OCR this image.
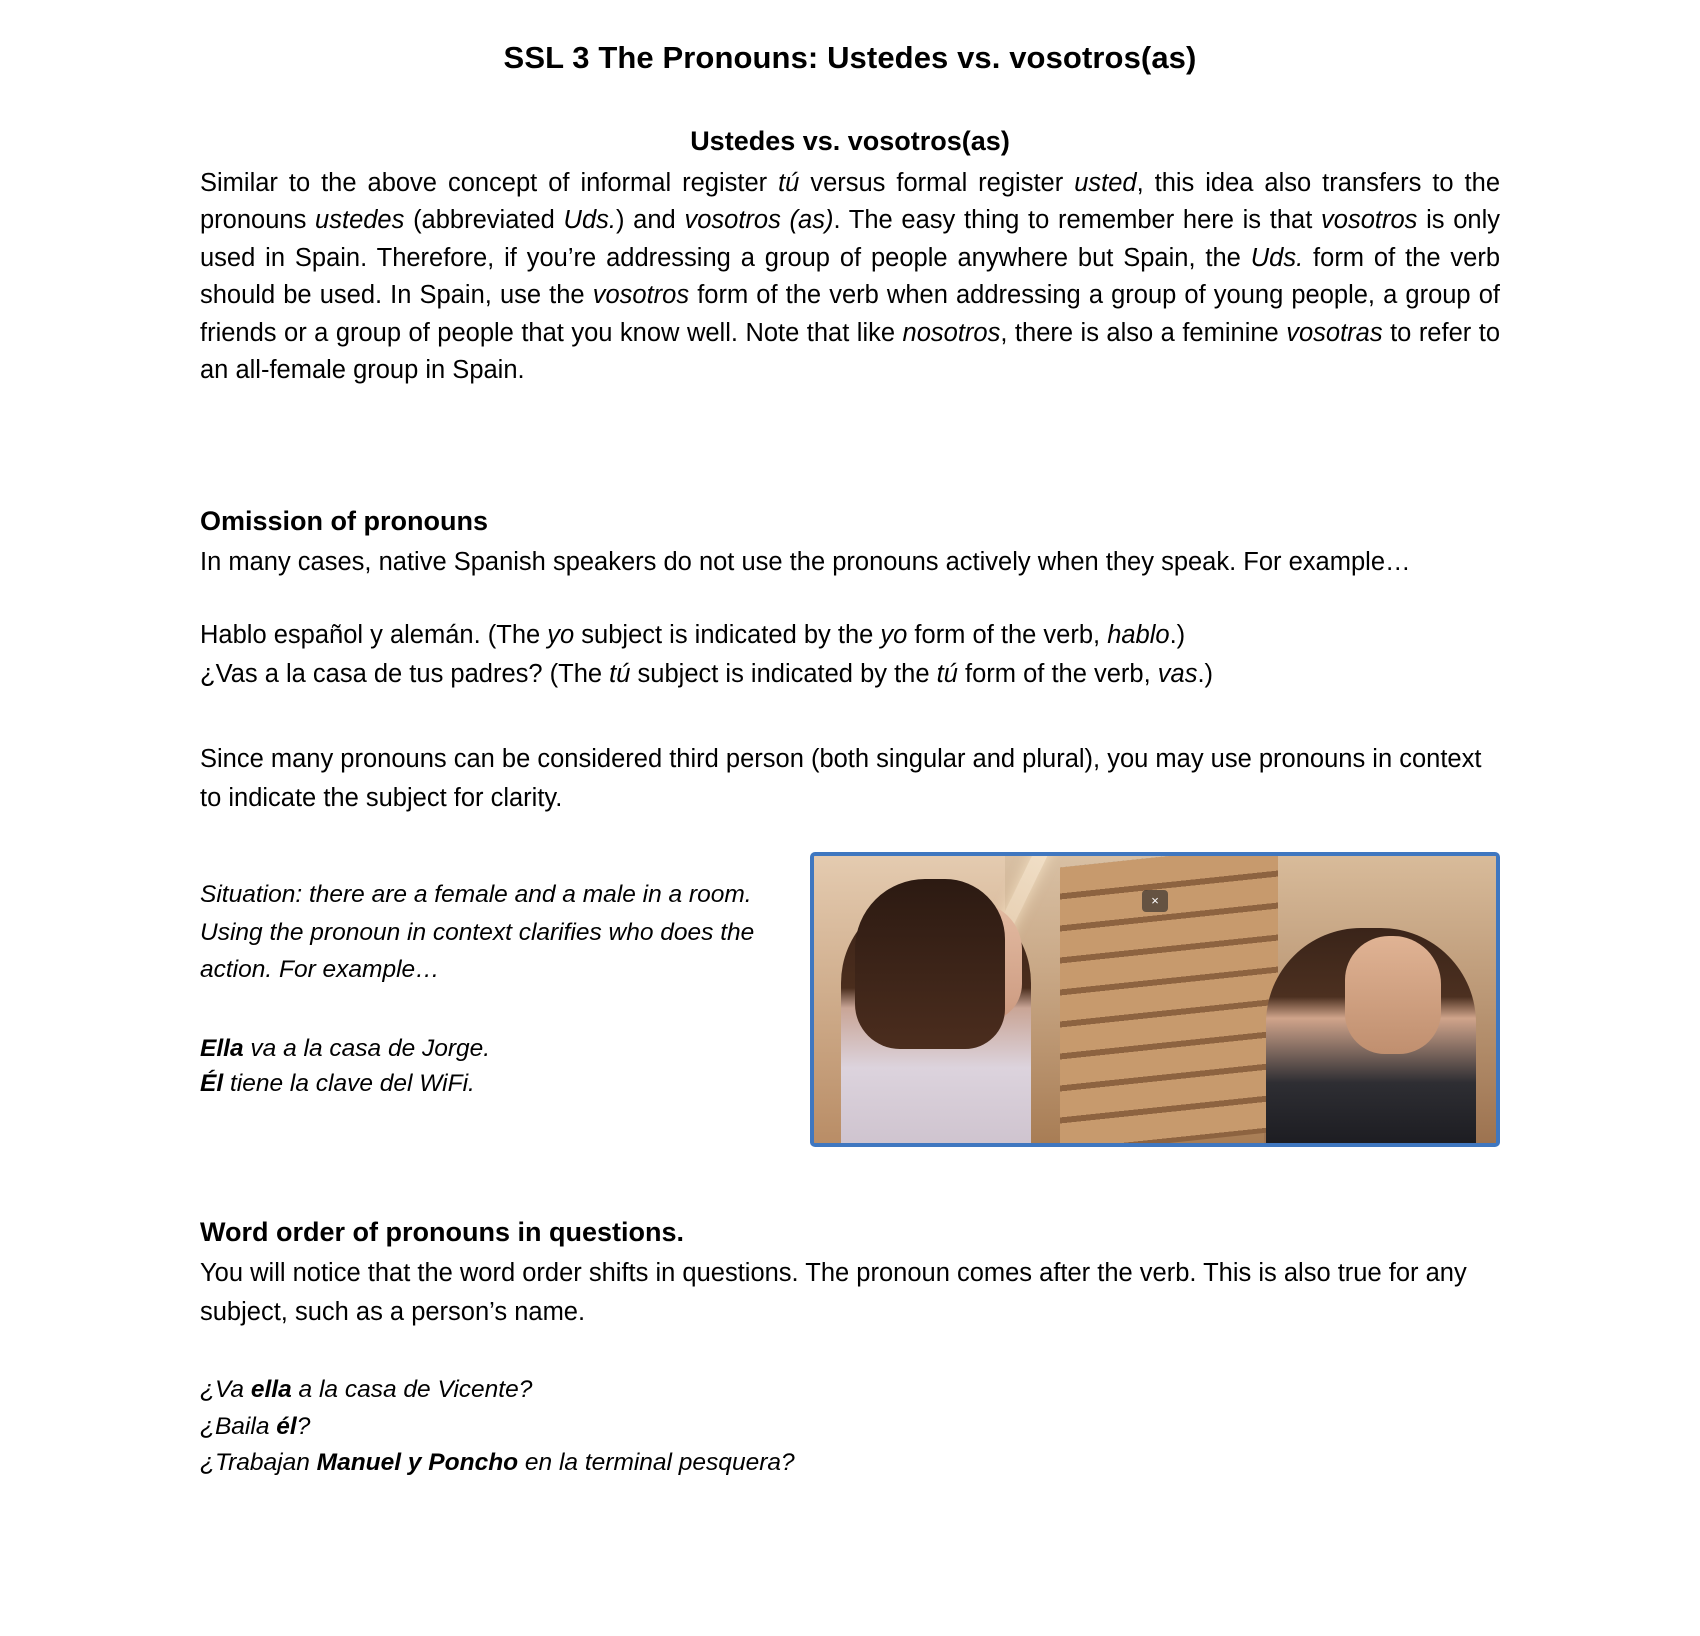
SSL 3 The Pronouns: Ustedes vs. vosotros(as)
Ustedes vs. vosotros(as)

Similar to the above concept of informal register tú versus formal register usted, this idea also transfers to the pronouns ustedes (abbreviated Uds.) and vosotros (as). The easy thing to remember here is that vosotros is only used in Spain. Therefore, if you’re addressing a group of people anywhere but Spain, the Uds. form of the verb should be used. In Spain, use the vosotros form of the verb when addressing a group of young people, a group of friends or a group of people that you know well. Note that like nosotros, there is also a feminine vosotras to refer to an all-female group in Spain.

Omission of pronouns

In many cases, native Spanish speakers do not use the pronouns actively when they speak. For example…

Hablo español y alemán. (The yo subject is indicated by the yo form of the verb, hablo.)

¿Vas a la casa de tus padres? (The tú subject is indicated by the tú form of the verb, vas.)

Since many pronouns can be considered third person (both singular and plural), you may use pronouns in context to indicate the subject for clarity.

Situation: there are a female and a male in a room. Using the pronoun in context clarifies who does the action. For example…

Ella va a la casa de Jorge.
Él tiene la clave del WiFi.
×
Word order of pronouns in questions.

You will notice that the word order shifts in questions. The pronoun comes after the verb. This is also true for any subject, such as a person’s name.

¿Va ella a la casa de Vicente?
¿Baila él?
¿Trabajan Manuel y Poncho en la terminal pesquera?
